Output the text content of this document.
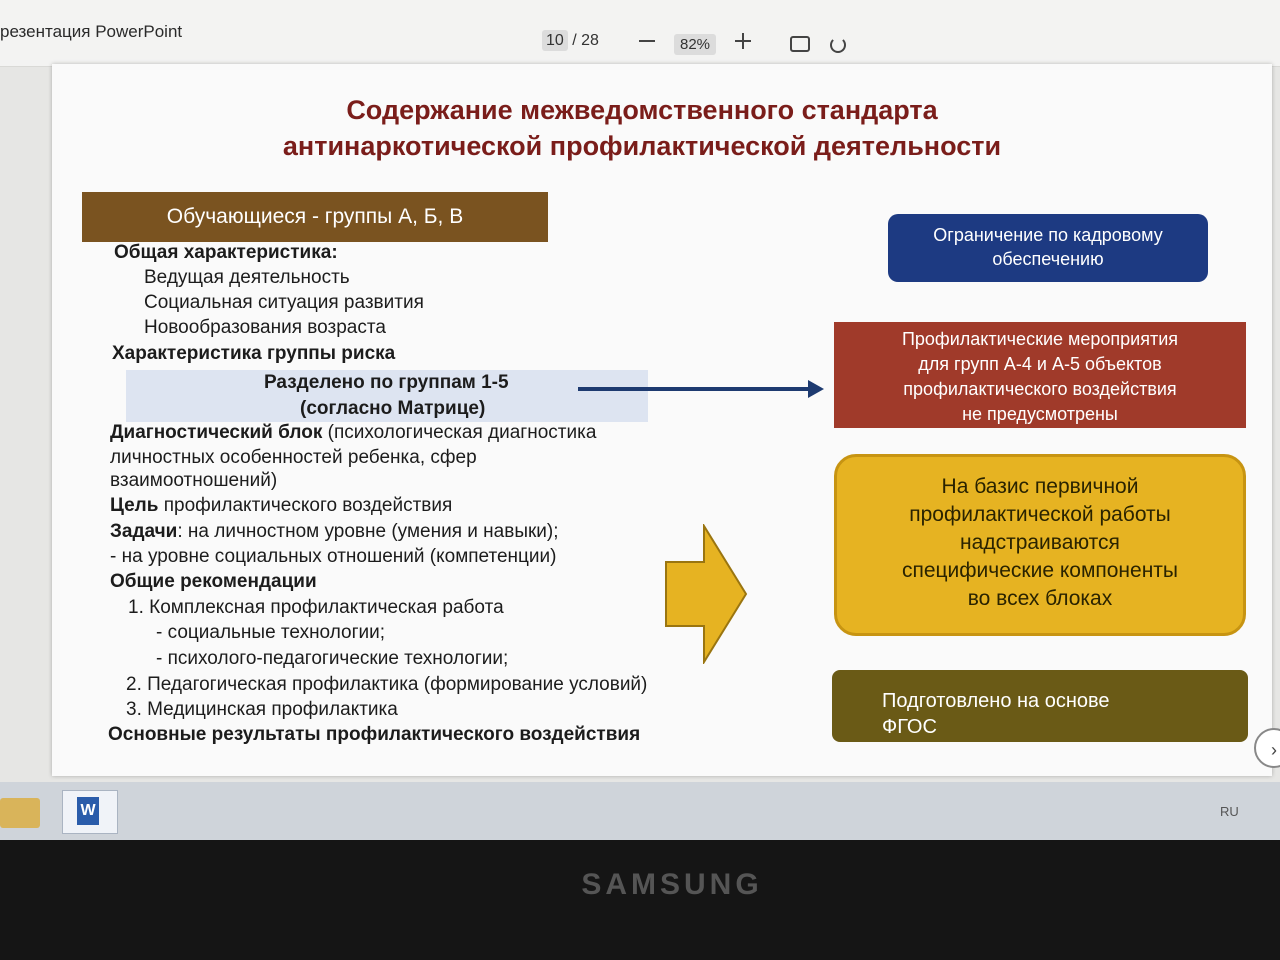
резентация PowerPoint	10 / 28	82%
Содержание межведомственного стандарта
антинаркотической профилактической деятельности
Обучающиеся - группы А, Б, В
Общая характеристика:
Ведущая деятельность
Социальная ситуация развития
Новообразования возраста
Характеристика группы риска
Разделено по группам 1-5
(согласно Матрице)
Диагностический блок (психологическая диагностика
личностных особенностей ребенка, сфер
взаимоотношений)
Цель профилактического воздействия
Задачи: на личностном уровне (умения и навыки);
- на уровне социальных отношений (компетенции)
Общие рекомендации
1. Комплексная профилактическая работа
- социальные технологии;
- психолого-педагогические технологии;
2. Педагогическая профилактика (формирование условий)
3. Медицинская профилактика
Основные результаты профилактического воздействия
Ограничение по кадровому
обеспечению
Профилактические мероприятия
для групп А-4 и А-5 объектов
профилактического воздействия
не предусмотрены
На базис первичной
профилактической работы
надстраиваются
специфические компоненты
во всех блоках
Подготовлено на основе
ФГОС
›
W	RU
SAMSUNG
